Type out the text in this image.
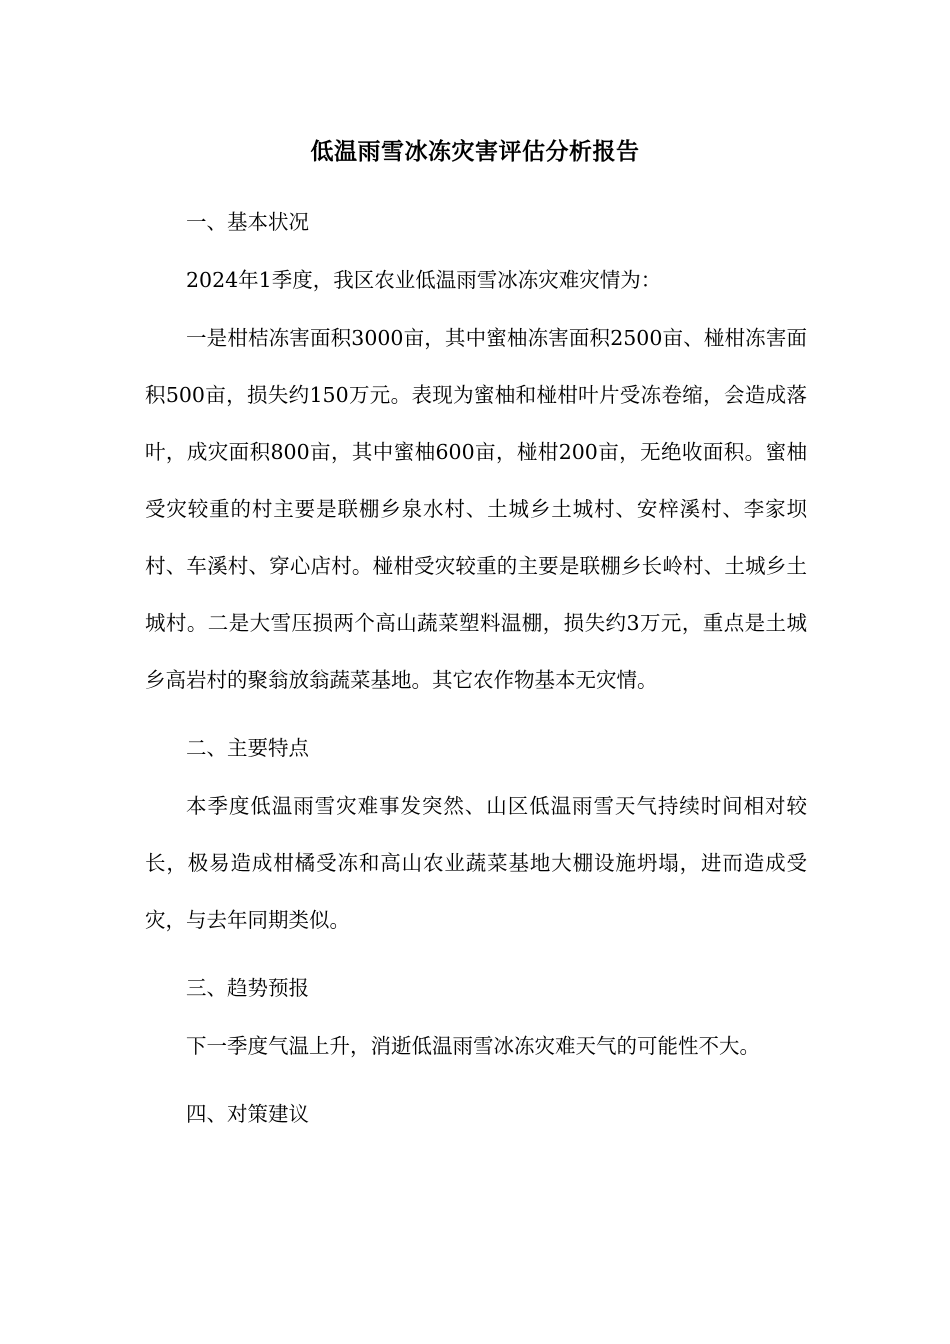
低温雨雪冰冻灾害评估分析报告

一、基本状况

2024年1季度，我区农业低温雨雪冰冻灾难灾情为：

一是柑桔冻害面积3000亩，其中蜜柚冻害面积2500亩、椪柑冻害面积500亩，损失约150万元。表现为蜜柚和椪柑叶片受冻卷缩，会造成落叶，成灾面积800亩，其中蜜柚600亩，椪柑200亩，无绝收面积。蜜柚受灾较重的村主要是联棚乡泉水村、土城乡土城村、安梓溪村、李家坝村、车溪村、穿心店村。椪柑受灾较重的主要是联棚乡长岭村、土城乡土城村。二是大雪压损两个高山蔬菜塑料温棚，损失约3万元，重点是土城乡高岩村的聚翁放翁蔬菜基地。其它农作物基本无灾情。

二、主要特点

本季度低温雨雪灾难事发突然、山区低温雨雪天气持续时间相对较长，极易造成柑橘受冻和高山农业蔬菜基地大棚设施坍塌，进而造成受灾，与去年同期类似。

三、趋势预报

下一季度气温上升，消逝低温雨雪冰冻灾难天气的可能性不大。

四、对策建议
